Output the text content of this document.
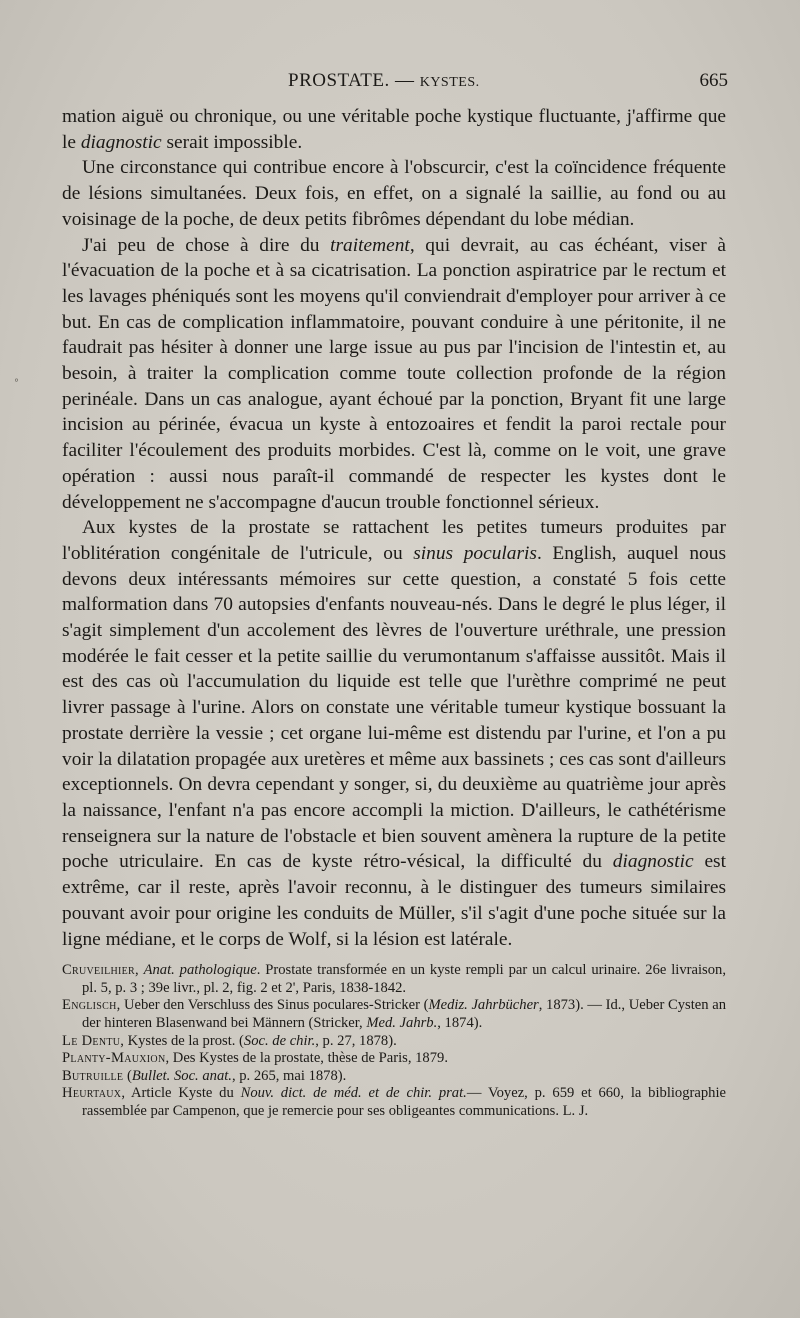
°
PROSTATE. — KYSTES.	665

mation aiguë ou chronique, ou une véritable poche kystique fluctuante, j'affirme que le diagnostic serait impossible.

Une circonstance qui contribue encore à l'obscurcir, c'est la coïncidence fréquente de lésions simultanées. Deux fois, en effet, on a signalé la saillie, au fond ou au voisinage de la poche, de deux petits fibrômes dépendant du lobe médian.

J'ai peu de chose à dire du traitement, qui devrait, au cas échéant, viser à l'évacuation de la poche et à sa cicatrisation. La ponction aspiratrice par le rectum et les lavages phéniqués sont les moyens qu'il conviendrait d'employer pour arriver à ce but. En cas de complication inflammatoire, pouvant conduire à une péritonite, il ne faudrait pas hésiter à donner une large issue au pus par l'incision de l'intestin et, au besoin, à traiter la complication comme toute collection profonde de la région perinéale. Dans un cas analogue, ayant échoué par la ponction, Bryant fit une large incision au périnée, évacua un kyste à entozoaires et fendit la paroi rectale pour faciliter l'écoulement des produits morbides. C'est là, comme on le voit, une grave opération : aussi nous paraît-il commandé de respecter les kystes dont le développement ne s'accompagne d'aucun trouble fonctionnel sérieux.

Aux kystes de la prostate se rattachent les petites tumeurs produites par l'oblitération congénitale de l'utricule, ou sinus pocularis. English, auquel nous devons deux intéressants mémoires sur cette question, a constaté 5 fois cette malformation dans 70 autopsies d'enfants nouveau-nés. Dans le degré le plus léger, il s'agit simplement d'un accolement des lèvres de l'ouverture uréthrale, une pression modérée le fait cesser et la petite saillie du verumontanum s'affaisse aussitôt. Mais il est des cas où l'accumulation du liquide est telle que l'urèthre comprimé ne peut livrer passage à l'urine. Alors on constate une véritable tumeur kystique bossuant la prostate derrière la vessie ; cet organe lui-même est distendu par l'urine, et l'on a pu voir la dilatation propagée aux uretères et même aux bassinets ; ces cas sont d'ailleurs exceptionnels. On devra cependant y songer, si, du deuxième au quatrième jour après la naissance, l'enfant n'a pas encore accompli la miction. D'ailleurs, le cathétérisme renseignera sur la nature de l'obstacle et bien souvent amènera la rupture de la petite poche utriculaire. En cas de kyste rétro-vésical, la difficulté du diagnostic est extrême, car il reste, après l'avoir reconnu, à le distinguer des tumeurs similaires pouvant avoir pour origine les conduits de Müller, s'il s'agit d'une poche située sur la ligne médiane, et le corps de Wolf, si la lésion est latérale.

Cruveilhier, Anat. pathologique. Prostate transformée en un kyste rempli par un calcul urinaire. 26e livraison, pl. 5, p. 3 ; 39e livr., pl. 2, fig. 2 et 2', Paris, 1838-1842.

Englisch, Ueber den Verschluss des Sinus poculares-Stricker (Mediz. Jahrbücher, 1873). — Id., Ueber Cysten an der hinteren Blasenwand bei Männern (Stricker, Med. Jahrb., 1874).

Le Dentu, Kystes de la prost. (Soc. de chir., p. 27, 1878).

Planty-Mauxion, Des Kystes de la prostate, thèse de Paris, 1879.

Butruille (Bullet. Soc. anat., p. 265, mai 1878).

Heurtaux, Article Kyste du Nouv. dict. de méd. et de chir. prat.— Voyez, p. 659 et 660, la bibliographie rassemblée par Campenon, que je remercie pour ses obligeantes communications. L. J.
